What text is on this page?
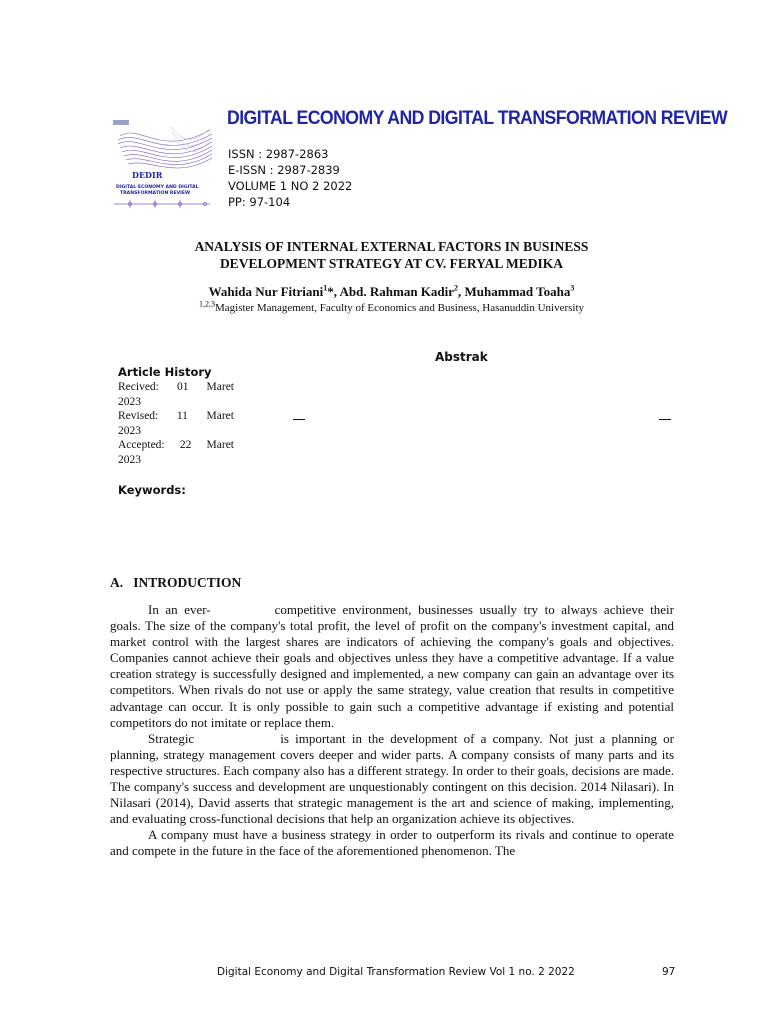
DEDIR
DIGITAL ECONOMY AND DIGITAL
TRANSFORMATION REVIEW
DIGITAL ECONOMY AND DIGITAL TRANSFORMATION REVIEW
ISSN : 2987-2863
E-ISSN : 2987-2839
VOLUME 1 NO 2 2022
PP: 97-104
ANALYSIS OF INTERNAL EXTERNAL FACTORS IN BUSINESS
DEVELOPMENT STRATEGY AT CV. FERYAL MEDIKA
Wahida Nur Fitriani$^1$*, Abd. Rahman Kadir$^2$, Muhammad Toaha$^3$
$^{1,2,3}$Magister Management, Faculty of Economics and Business, Hasanuddin University
Abstrak
Article History
Recived: 01 Maret
2023
Revised: 11 Maret
2023
Accepted: 22 Maret
2023
Keywords:
A.   INTRODUCTION

In an ever-	competitive environment, businesses usually try to always achieve their goals. The size of the company's total profit, the level of profit on the company's investment capital, and market control with the largest shares are indicators of achieving the company's goals and objectives. Companies cannot achieve their goals and objectives unless they have a competitive advantage. If a value creation strategy is successfully designed and implemented, a new company can gain an advantage over its competitors. When rivals do not use or apply the same strategy, value creation that results in competitive advantage can occur. It is only possible to gain such a competitive advantage if existing and potential competitors do not imitate or replace them.

Strategic	is important in the development of a company. Not just a planning or planning, strategy management covers deeper and wider parts. A company consists of many parts and its respective structures. Each company also has a different strategy. In order to their goals, decisions are made. The company's success and development are unquestionably contingent on this decision. 2014 Nilasari). In Nilasari (2014), David asserts that strategic management is the art and science of making, implementing, and evaluating cross-functional decisions that help an organization achieve its objectives.

A company must have a business strategy in order to outperform its rivals and continue to operate and compete in the future in the face of the aforementioned phenomenon. The

Digital Economy and Digital Transformation Review Vol 1 no. 2 2022	97
